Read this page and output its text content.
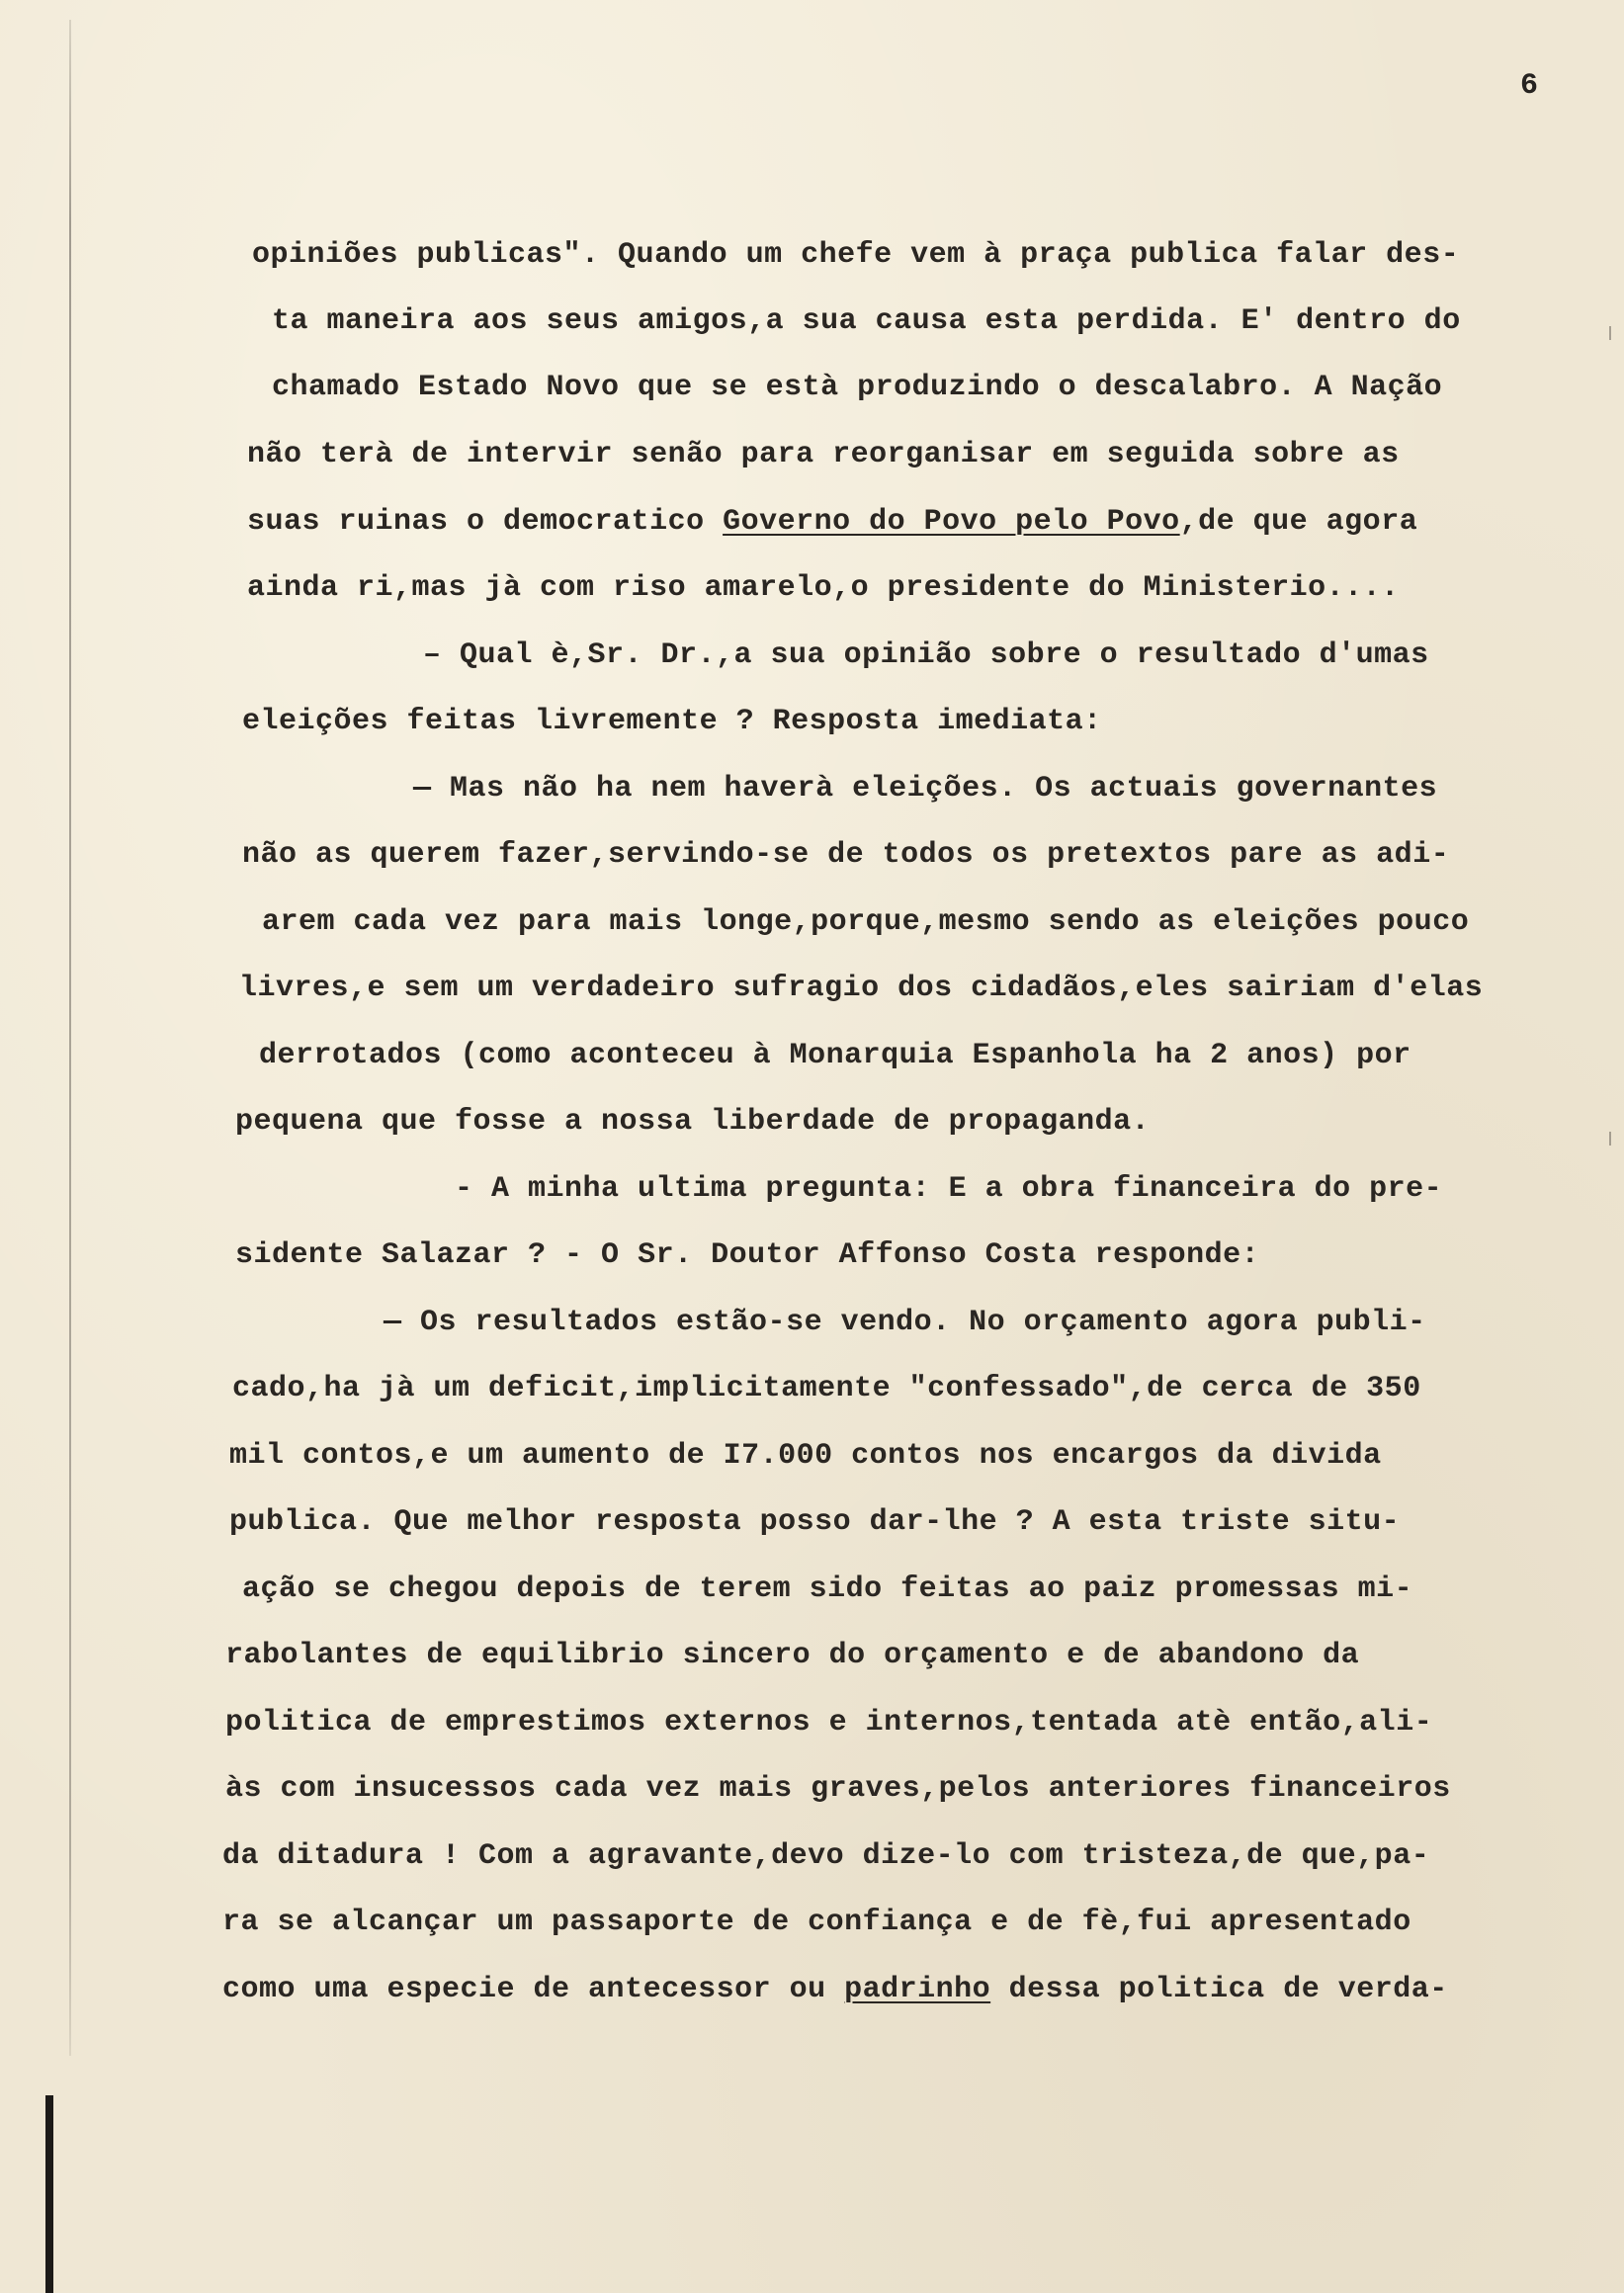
6
opiniões publicas". Quando um chefe vem à praça publica falar des-
ta maneira aos seus amigos,a sua causa esta perdida. E' dentro do
chamado Estado Novo que se està produzindo o descalabro. A Nação
não terà de intervir senão para reorganisar em seguida sobre as
suas ruinas o democratico Governo do Povo pelo Povo,de que agora
ainda ri,mas jà com riso amarelo,o presidente do Ministerio....
– Qual è,Sr. Dr.,a sua opinião sobre o resultado d'umas
eleições feitas livremente ? Resposta imediata:
— Mas não ha nem haverà eleições. Os actuais governantes
não as querem fazer,servindo-se de todos os pretextos pare as adi-
arem cada vez para mais longe,porque,mesmo sendo as eleições pouco
livres,e sem um verdadeiro sufragio dos cidadãos,eles sairiam d'elas
derrotados (como aconteceu à Monarquia Espanhola ha 2 anos) por
pequena que fosse a nossa liberdade de propaganda.
- A minha ultima pregunta: E a obra financeira do pre-
sidente Salazar ? - O Sr. Doutor Affonso Costa responde:
— Os resultados estão-se vendo. No orçamento agora publi-
cado,ha jà um deficit,implicitamente "confessado",de cerca de 350
mil contos,e um aumento de I7.000 contos nos encargos da divida
publica. Que melhor resposta posso dar-lhe ? A esta triste situ-
ação se chegou depois de terem sido feitas ao paiz promessas mi-
rabolantes de equilibrio sincero do orçamento e de abandono da
politica de emprestimos externos e internos,tentada atè então,ali-
às com insucessos cada vez mais graves,pelos anteriores financeiros
da ditadura ! Com a agravante,devo dize-lo com tristeza,de que,pa-
ra se alcançar um passaporte de confiança e de fè,fui apresentado
como uma especie de antecessor ou padrinho dessa politica de verda-
